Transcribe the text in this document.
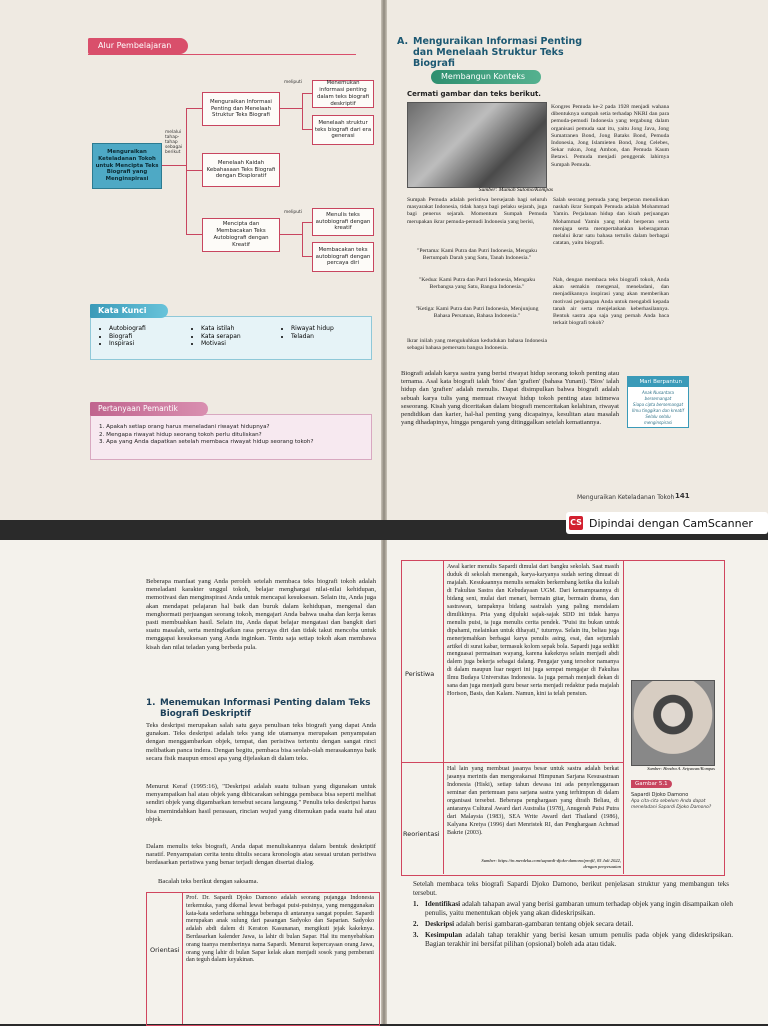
Alur Pembelajaran
Menguraikan Keteladanan Tokoh untuk Mencipta Teks Biografi yang Menginspirasi
melalui tahap-tahap sebagai berikut
Menguraikan Informasi Penting dan Menelaah Struktur Teks Biografi
Menelaah Kaidah Kebahasaan Teks Biografi dengan Eksploratif
Mencipta dan Membacakan Teks Autobiografi dengan Kreatif
meliputi	Menemukan informasi penting dalam teks biografi deskriptif
Menelaah struktur teks biografi dari era generasi
meliputi	Menulis teks autobiografi dengan kreatif
Membacakan teks autobiografi dengan percaya diri
• Autobiografi
• Biografi
• Inspirasi
• Kata istilah
• Kata serapan
• Motivasi
• Riwayat hidup
• Teladan
Kata Kunci
1. Apakah setiap orang harus meneladani riwayat hidupnya?
2. Mengapa riwayat hidup seorang tokoh perlu dituliskan?
3. Apa yang Anda dapatkan setelah membaca riwayat hidup seorang tokoh?
Pertanyaan Pemantik
A. Menguraikan Informasi Penting dan Menelaah Struktur Teks Biografi
Membangun Konteks
Cermati gambar dan teks berikut.
Sumber: Mumah Sutomo/Kompas
Kongres Pemuda ke-2 pada 1928 menjadi wahana dibentuknya sumpah setia terhadap NKRI dan para pemuda-pemudi Indonesia yang tergabung dalam organisasi pemuda saat itu, yaitu Jong Java, Jong Sumatranen Bond, Jong Bataks Bond, Pemuda Indonesia, Jong Islamieten Bond, Jong Celebes, Sekar rukun, Jong Ambon, dan Pemuda Kaum Betawi. Pemuda menjadi penggerak lahirnya Sumpah Pemuda.
Sumpah Pemuda adalah peristiwa bersejarah bagi seluruh masyarakat Indonesia, tidak hanya bagi pelaku sejarah, juga bagi penerus sejarah. Momentum Sumpah Pemuda merupakan ikrar pemuda-pemudi Indonesia yang berisi,
"Pertama: Kami Putra dan Putri Indonesia, Mengaku Bertumpah Darah yang Satu, Tanah Indonesia."
"Kedua: Kami Putra dan Putri Indonesia, Mengaku Berbangsa yang Satu, Bangsa Indonesia."
"Ketiga: Kami Putra dan Putri Indonesia, Menjunjung Bahasa Persatuan, Bahasa Indonesia."
Ikrar inilah yang mengukuhkan kedudukan bahasa Indonesia sebagai bahasa pemersatu bangsa Indonesia.
Salah seorang pemuda yang berperan menuliskan naskah ikrar Sumpah Pemuda adalah Mohammad Yamin. Perjalanan hidup dan kisah perjuangan Mohammad Yamin yang telah berperan serta menjaga serta mempertahankan keberagaman melalui ikrar satu bahasa tertulis dalam berbagai catatan, yaitu biografi.
Nah, dengan membaca teks biografi tokoh, Anda akan semakin mengenal, meneladani, dan menjadikannya inspirasi yang akan memberikan motivasi perjuangan Anda untuk mengabdi kepada tanah air serta menjelaskan keberhasilannya. Bentuk sastra apa saja yang pernah Anda baca terkait biografi tokoh?
Biografi adalah karya sastra yang berisi riwayat hidup seorang tokoh penting atau ternama. Asal kata biografi ialah 'bios' dan 'grafien' (bahasa Yunani). 'Bios' ialah hidup dan 'grafien' adalah menulis. Dapat disimpulkan bahwa biografi adalah sebuah karya tulis yang memuat riwayat hidup tokoh penting atau istimewa seseorang. Kisah yang diceritakan dalam biografi menceritakan kelahiran, riwayat pendidikan dan karier, hal-hal penting yang dicapainya, kesulitan atau masalah yang dihadapinya, hingga pengaruh yang ditinggalkan setelah kematiannya.
Mari Berpantun
Anak Nusantara bersemangat
Siapa cipta bersemangat
Ilmu tinggikan dan kreatif
Selalu selalu menginspirasi
Menguraikan Keteladanan Tokoh 141
CS Dipindai dengan CamScanner
Beberapa manfaat yang Anda peroleh setelah membaca teks biografi tokoh adalah meneladani karakter unggul tokoh, belajar menghargai nilai-nilai kehidupan, memotivasi dan menginspirasi Anda untuk mencapai kesuksesan. Selain itu, Anda juga akan mendapat pelajaran hal baik dan buruk dalam kehidupan, mengenal dan menghormati perjuangan seorang tokoh, mengajari Anda bahwa usaha dan kerja keras pasti membuahkan hasil. Selain itu, Anda dapat belajar mengatasi dan bangkit dari suatu masalah, serta meningkatkan rasa percaya diri dan tidak takut mencoba untuk menggapai kesuksesan yang Anda inginkan. Tentu saja setiap tokoh akan membawa kisah dan nilai teladan yang berbeda pula.
1. Menemukan Informasi Penting dalam Teks Biografi Deskriptif
Teks deskripsi merupakan salah satu gaya penulisan teks biografi yang dapat Anda gunakan. Teks deskripsi adalah teks yang ide utamanya merupakan penyampaian dengan menggambarkan objek, tempat, dan peristiwa tertentu dengan sangat rinci melibatkan panca indera. Dengan begitu, pembaca bisa seolah-olah merasakannya baik secara fisik maupun emosi apa yang dijelaskan di dalam teks.
Menurut Keraf (1995:16), "Deskripsi adalah suatu tulisan yang digunakan untuk menyampaikan hal atau objek yang dibicarakan sehingga pembaca bisa seperti melihat sendiri objek yang digambarkan tersebut secara langsung." Penulis teks deskripsi harus bisa memindahkan hasil perasaan, rincian wujud yang ditemukan pada suatu hal atau objek.
Dalam menulis teks biografi, Anda dapat menuliskannya dalam bentuk deskriptif naratif. Penyampaian cerita tentu ditulis secara kronologis atau sesuai urutan peristiwa berdasarkan peristiwa yang benar terjadi dengan disertai dialog.
Bacalah teks berikut dengan saksama.
Orientasi
Prof. Dr. Sapardi Djoko Damono adalah seorang pujangga Indonesia terkemuka, yang dikenal lewat berbagai puisi-puisinya, yang menggunakan kata-kata sederhana sehingga beberapa di antaranya sangat populer. Sapardi merupakan anak sulung dari pasangan Sadyoko dan Saparian. Sadyoko adalah abdi dalem di Keraton Kasunanan, mengikuti jejak kakeknya. Berdasarkan kalender Jawa, ia lahir di bulan Sapar. Hal itu menyebabkan orang tuanya memberinya nama Sapardi. Menurut kepercayaan orang Jawa, orang yang lahir di bulan Sapar kelak akan menjadi sosok yang pemberani dan teguh dalam keyakinan.
Peristiwa
Awal karier menulis Sapardi dimulai dari bangku sekolah. Saat masih duduk di sekolah menengah, karya-karyanya sudah sering dimuat di majalah. Kesukaannya menulis semakin berkembang ketika dia kuliah di Fakultas Sastra dan Kebudayaan UGM. Dari kemampuannya di bidang seni, mulai dari menari, bermain gitar, bermain drama, dan sastrawan, tampaknya bidang sastralah yang paling mendalam dimilikinya. Pria yang dijuluki sajak-sajak SDD ini tidak hanya menulis puisi, ia juga menulis cerita pendek. "Puisi itu bukan untuk dipahami, melainkan untuk dihayati," tuturnya. Selain itu, beliau juga menerjemahkan berbagai karya penulis asing, esai, dan sejumlah artikel di surat kabar, termasuk kolom sepak bola. Sapardi juga sedikit menguasai permainan wayang, karena kakeknya selain menjadi abdi dalem juga bekerja sebagai dalang. Pengajar yang tersohor namanya di dalam maupun luar negeri ini juga sempat mengajar di Fakultas Ilmu Budaya Universitas Indonesia. Ia juga pernah menjadi dekan di sana dan juga menjadi guru besar serta menjadi redaktur pada majalah Horison, Basis, dan Kalam. Namun, kini ia telah pensiun.
Reorientasi
Hal lain yang membuat jasanya besar untuk sastra adalah berkat jasanya merintis dan mengorakarsai Himpunan Sarjana Kesusastraan Indonesia (Hiski), setiap tahun dewasa ini ada penyelenggaraan seminar dan pertemuan para sarjana sastra yang terhimpun di dalam organisasi tersebut. Beberapa penghargaan yang diraih Beliau, di antaranya Cultural Award dari Australia (1978), Anugerah Puisi Putra dari Malaysia (1983), SEA Write Award dari Thailand (1986), Kalyana Kretya (1996) dari Menristek RI, dan Penghargaan Achmad Bakrie (2003).
Sumber: https://m.merdeka.com/sapardi-djoko-damono/profil, 05 Juli 2022, dengan penyesuaian
Sumber: Hendra A. Setyawan/Kompas
Gambar 5.1
Sapardi Djoko Damono
Apa cita-cita sebelum Anda dapat meneladani Sapardi Djoko Damono?
Setelah membaca teks biografi Sapardi Djoko Damono, berikut penjelasan struktur yang membangun teks tersebut.
1. Identifikasi adalah tahapan awal yang berisi gambaran umum terhadap objek yang ingin disampaikan oleh penulis, yaitu menentukan objek yang akan dideskripsikan.
2. Deskripsi adalah berisi gambaran-gambaran tentang objek secara detail.
3. Kesimpulan adalah tahap terakhir yang berisi kesan umum penulis pada objek yang dideskripsikan. Bagian terakhir ini bersifat pilihan (opsional) boleh ada atau tidak.
